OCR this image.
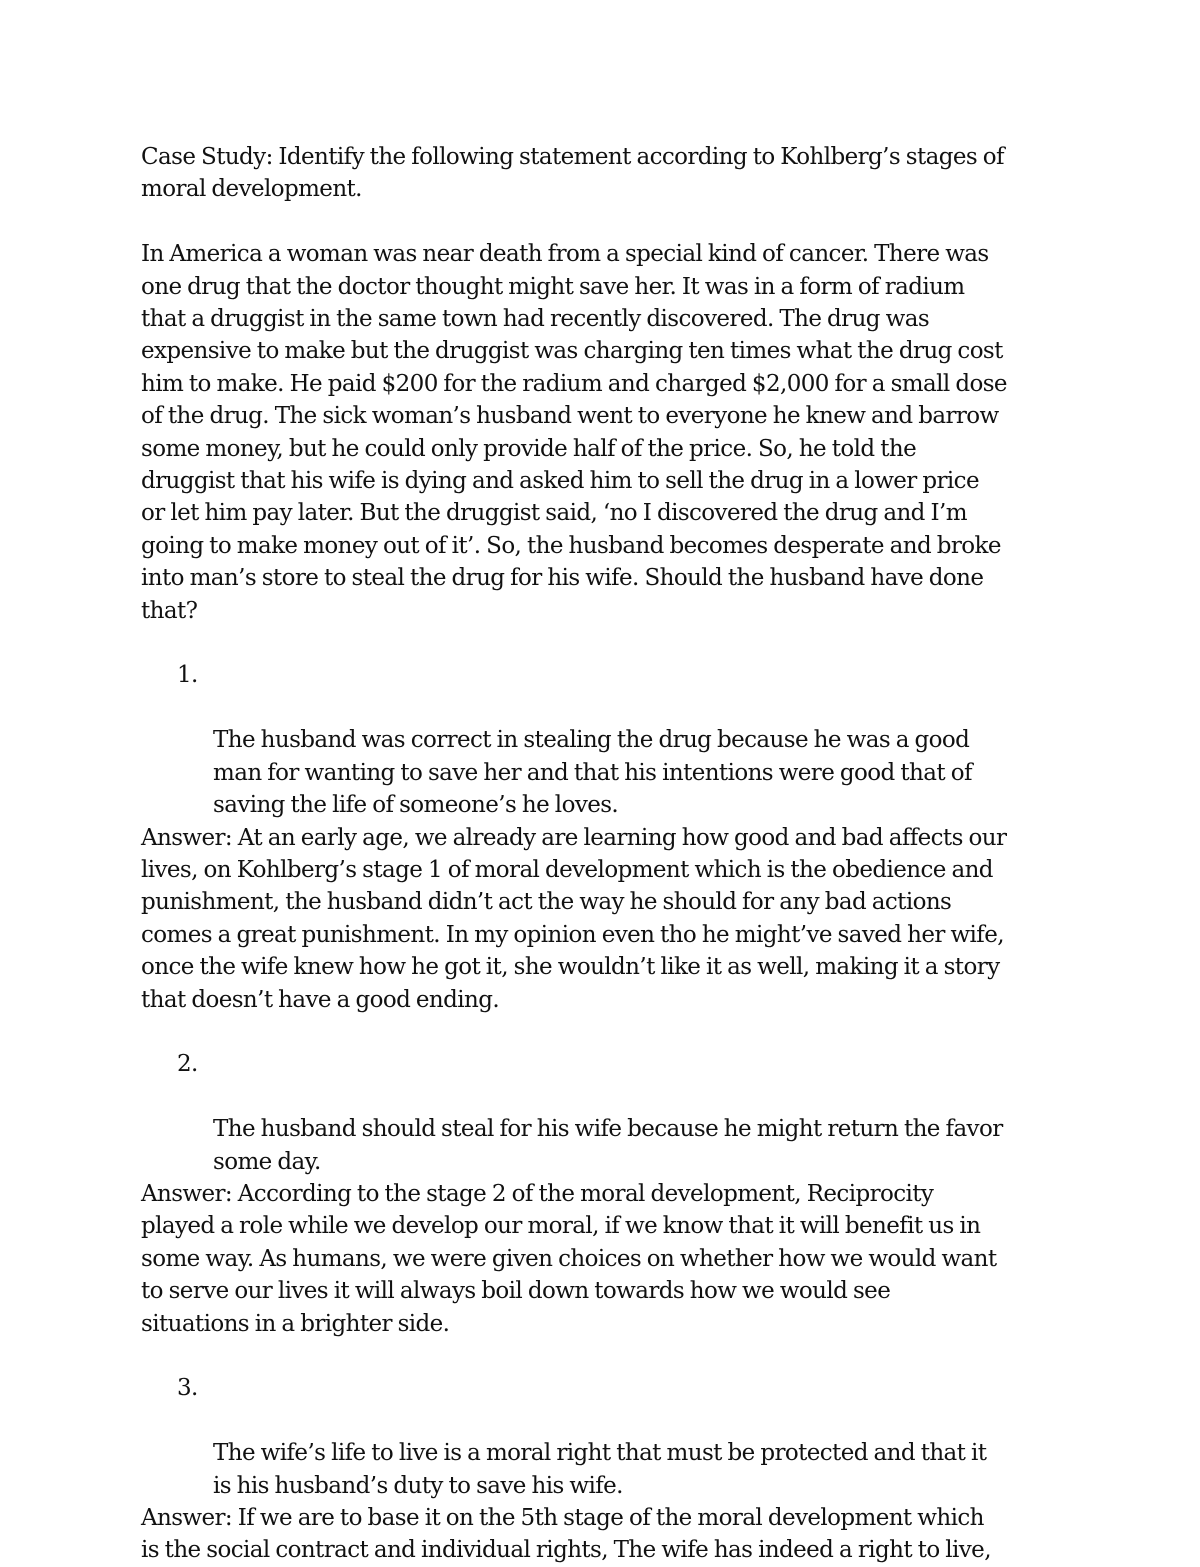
Case Study: Identify the following statement according to Kohlberg’s stages of
moral development.

In America a woman was near death from a special kind of cancer. There was
one drug that the doctor thought might save her. It was in a form of radium
that a druggist in the same town had recently discovered. The drug was
expensive to make but the druggist was charging ten times what the drug cost
him to make. He paid $200 for the radium and charged $2,000 for a small dose
of the drug. The sick woman’s husband went to everyone he knew and barrow
some money, but he could only provide half of the price. So, he told the
druggist that his wife is dying and asked him to sell the drug in a lower price
or let him pay later. But the druggist said, ‘no I discovered the drug and I’m
going to make money out of it’. So, the husband becomes desperate and broke
into man’s store to steal the drug for his wife. Should the husband have done
that?

1.

The husband was correct in stealing the drug because he was a good
man for wanting to save her and that his intentions were good that of
saving the life of someone’s he loves.

Answer: At an early age, we already are learning how good and bad affects our
lives, on Kohlberg’s stage 1 of moral development which is the obedience and
punishment, the husband didn’t act the way he should for any bad actions
comes a great punishment. In my opinion even tho he might’ve saved her wife,
once the wife knew how he got it, she wouldn’t like it as well, making it a story
that doesn’t have a good ending.

2.

The husband should steal for his wife because he might return the favor
some day.

Answer: According to the stage 2 of the moral development, Reciprocity
played a role while we develop our moral, if we know that it will benefit us in
some way. As humans, we were given choices on whether how we would want
to serve our lives it will always boil down towards how we would see
situations in a brighter side.

3.

The wife’s life to live is a moral right that must be protected and that it
is his husband’s duty to save his wife.

Answer: If we are to base it on the 5th stage of the moral development which
is the social contract and individual rights, The wife has indeed a right to live,
